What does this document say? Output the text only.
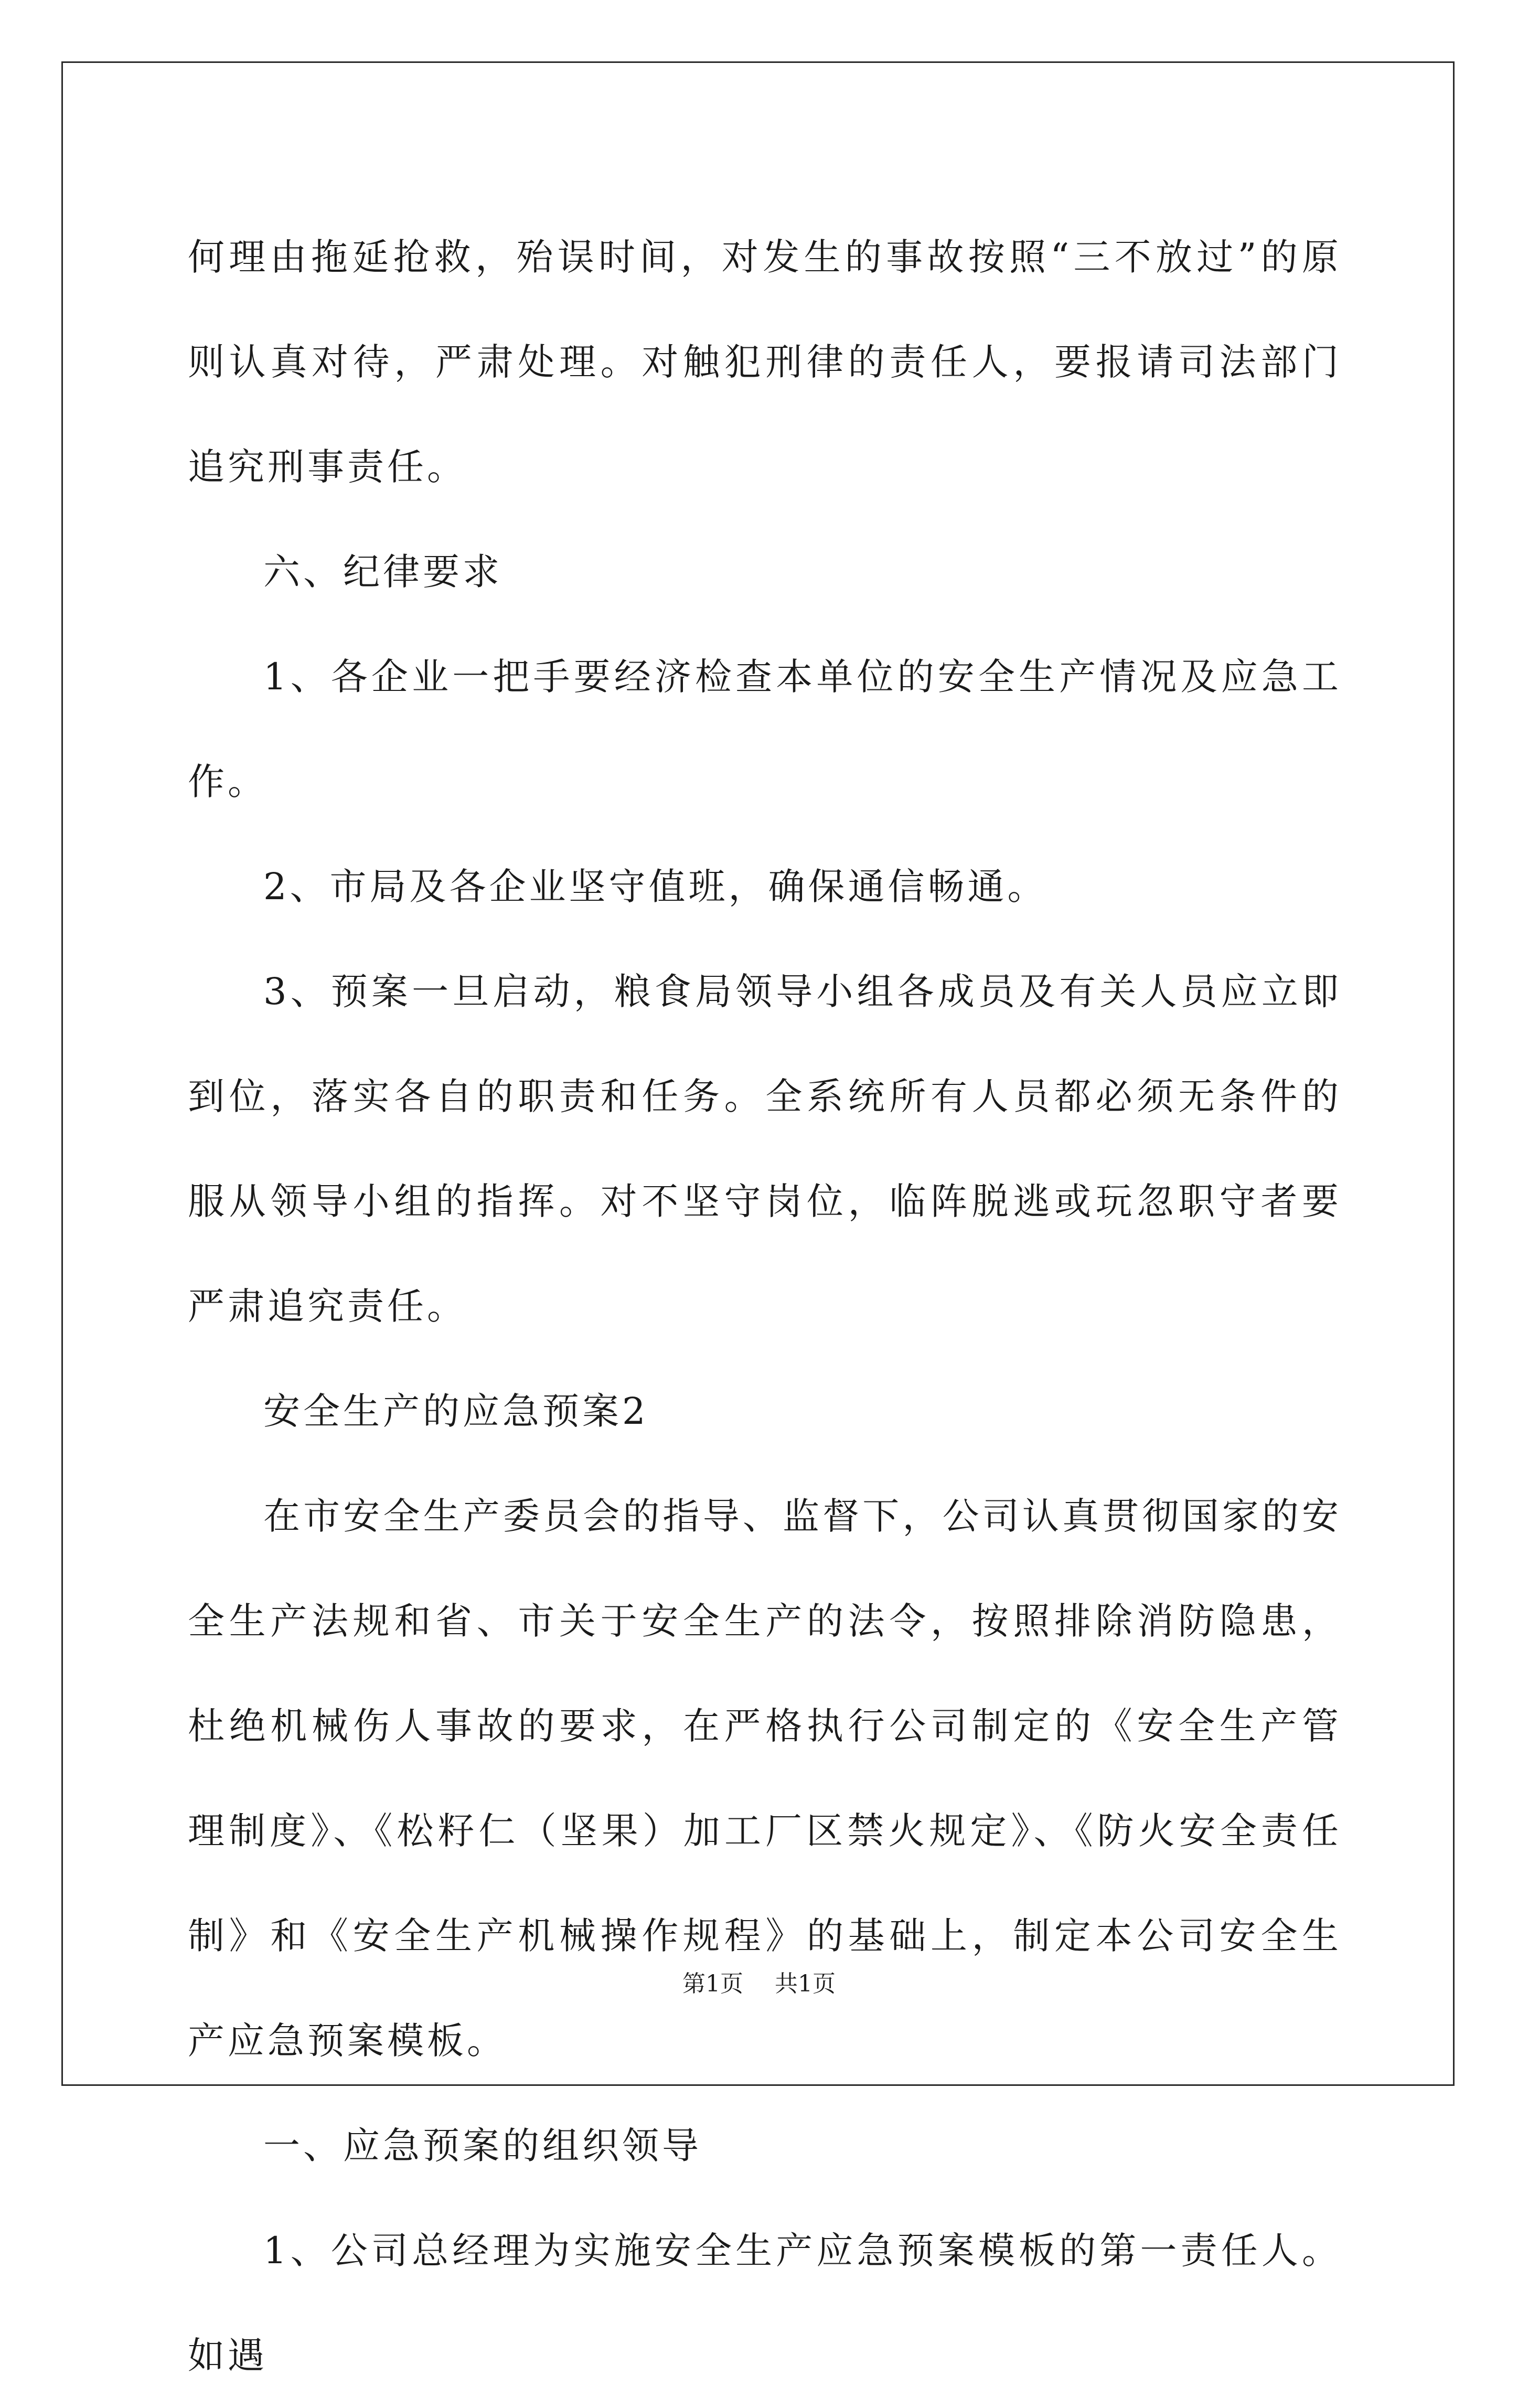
何理由拖延抢救，殆误时间，对发生的事故按照“三不放过”的原则认真对待，严肃处理。对触犯刑律的责任人，要报请司法部门追究刑事责任。

六、纪律要求

1、各企业一把手要经济检查本单位的安全生产情况及应急工作。

2、市局及各企业坚守值班，确保通信畅通。

3、预案一旦启动，粮食局领导小组各成员及有关人员应立即到位，落实各自的职责和任务。全系统所有人员都必须无条件的服从领导小组的指挥。对不坚守岗位，临阵脱逃或玩忽职守者要严肃追究责任。

安全生产的应急预案2

在市安全生产委员会的指导、监督下，公司认真贯彻国家的安全生产法规和省、市关于安全生产的法令，按照排除消防隐患，杜绝机械伤人事故的要求，在严格执行公司制定的《安全生产管理制度》、《松籽仁（坚果）加工厂区禁火规定》、《防火安全责任制》和《安全生产机械操作规程》的基础上，制定本公司安全生产应急预案模板。

一、应急预案的组织领导

1、公司总经理为实施安全生产应急预案模板的第一责任人。如遇

第1页 共1页
